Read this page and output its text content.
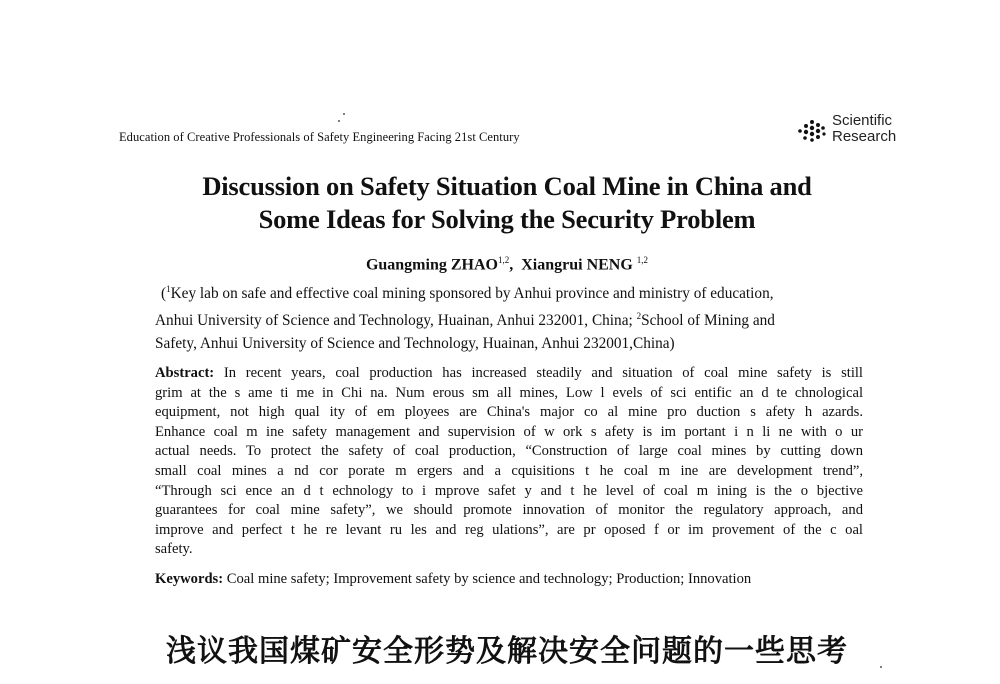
Education of Creative Professionals of Safety Engineering Facing 21st Century
Scientific
Research
Discussion on Safety Situation Coal Mine in China and
Some Ideas for Solving the Security Problem
Guangming ZHAO$^{1,2}$, Xiangrui NENG $^{1,2}$
($^1$Key lab on safe and effective coal mining sponsored by Anhui province and ministry of education,
Anhui University of Science and Technology, Huainan, Anhui 232001, China; $^2$School of Mining and
Safety, Anhui University of Science and Technology, Huainan, Anhui 232001,China)
Abstract: In recent years, coal production has increased steadily and situation of coal mine safety is still
grim at the s ame ti me in Chi na. Num erous sm all mines, Low l evels of sci entific an d te chnological
equipment, not high qual ity of em ployees are China's major co al mine pro duction s afety h azards.
Enhance coal m ine safety management and supervision of w ork s afety is im portant i n li ne with o ur
actual needs. To protect the safety of coal production, “Construction of large coal mines by cutting down
small coal mines a nd cor porate m ergers and a cquisitions t he coal m ine are development trend”,
“Through sci ence an d t echnology to i mprove safet y and t he level of coal m ining is the o bjective
guarantees for coal mine safety”, we should promote innovation of monitor the regulatory approach, and
improve and perfect t he re levant ru les and reg ulations”, are pr oposed f or im provement of the c oal
safety.
Keywords: Coal mine safety; Improvement safety by science and technology; Production; Innovation
浅议我国煤矿安全形势及解决安全问题的一些思考
